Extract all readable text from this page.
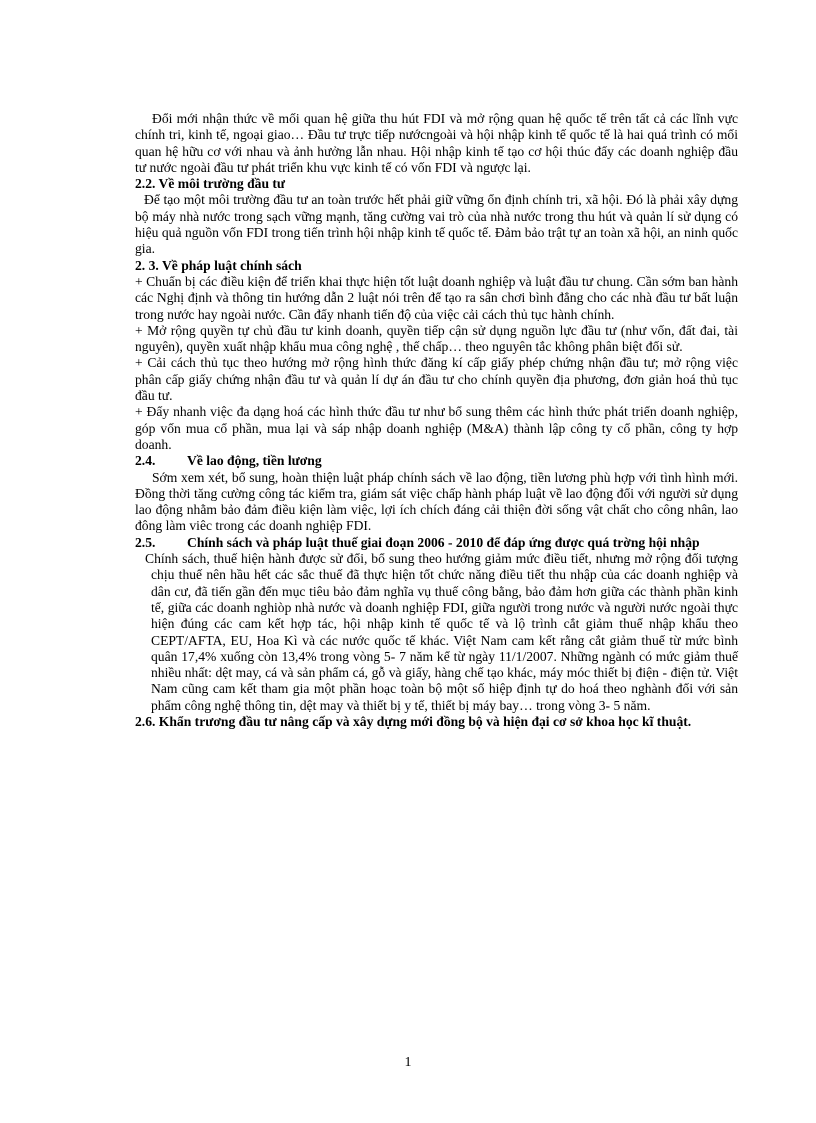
Đổi mới nhận thức về mối quan hệ giữa thu hút FDI và mở rộng quan hệ quốc tế trên tất cả các lĩnh vực chính tri, kinh tế, ngoại giao… Đầu tư trực tiếp nướcngoài và hội nhập kinh tế quốc tế là hai quá trình có mối quan hệ hữu cơ với nhau và ảnh hưởng lẫn nhau. Hội nhập kinh tế tạo cơ hội thúc đẩy các doanh nghiệp đầu tư nước ngoài đầu tư phát triển khu vực kinh tế có vốn FDI và ngược lại.

2.2. Về môi trường đầu tư

Để tạo một môi trường đầu tư an toàn trước hết phải giữ vững ổn định chính tri, xã hội. Đó là phải xây dựng bộ máy nhà nước trong sạch vững mạnh, tăng cường vai trò của nhà nước trong thu hút và quản lí sử dụng có hiệu quả nguồn vốn FDI trong tiến trình hội nhập kinh tế quốc tế. Đảm bảo trật tự an toàn xã hội, an ninh quốc gia.

2. 3. Về pháp luật chính sách

+ Chuẩn bị các điều kiện để triển khai thực hiện tốt luật doanh nghiệp và luật đầu tư chung. Cần sớm ban hành các Nghị định và thông tin hướng dẫn 2 luật nói trên để tạo ra sân chơi bình đẳng cho các nhà đầu tư bất luận trong nước hay ngoài nước. Cần đẩy nhanh tiến độ của việc cải cách thủ tục hành chính.

+ Mở rộng quyền tự chủ đầu tư kinh doanh, quyền tiếp cận sử dụng nguồn lực đầu tư (như vốn, đất đai, tài nguyên), quyền xuất nhập khẩu mua công nghệ , thế chấp… theo nguyên tắc không phân biệt đối sử.

+ Cải cách thủ tục theo hướng mở rộng hình thức đăng kí cấp giấy phép chứng nhận đầu tư; mở rộng việc phân cấp giấy chứng nhận đầu tư và quản lí dự án đầu tư cho chính quyền địa phương, đơn giản hoá thủ tục đầu tư.

+ Đẩy nhanh việc đa dạng hoá các hình thức đầu tư như bổ sung thêm các hình thức phát triển doanh nghiệp, góp vốn mua cổ phần, mua lại và sáp nhập doanh nghiệp (M&A) thành lập công ty cổ phần, công ty hợp doanh.

2.4.	Về lao động, tiền lương

Sớm xem xét, bổ sung, hoàn thiện luật pháp chính sách về lao động, tiền lương phù hợp với tình hình mới. Đồng thời tăng cường công tác kiểm tra, giám sát việc chấp hành pháp luật về lao động đối với người sử dụng lao động nhằm bảo đảm điều kiện làm việc, lợi ích chích đáng cải thiện đời sống vật chất cho công nhân, lao đông làm viêc trong các doanh nghiệp FDI.

2.5.	Chính sách và pháp luật thuế giai đoạn 2006 - 2010 để đáp ứng được quá trờng hội nhập

Chính sách, thuế hiện hành được sử đổi, bổ sung theo hướng giảm mức điều tiết, nhưng mở rộng đối tượng chịu thuế nên hầu hết các sắc thuế đã thực hiện tốt chức năng điều tiết thu nhập của các doanh nghiệp và dân cư, đã tiến gần đến mục tiêu bảo đảm nghĩa vụ thuế công bằng, bảo đảm hơn giữa các thành phần kinh tế, giữa các doanh nghiòp nhà nước và doanh nghiệp FDI, giữa người trong nước và người nước ngoài thực hiện đúng các cam kết hợp tác, hội nhập kinh tế quốc tế và lộ trình cắt giảm thuế nhập khẩu theo CEPT/AFTA, EU, Hoa Kì và các nước quốc tế khác. Việt Nam cam kết rằng cắt giảm thuế từ mức bình quân 17,4% xuống còn 13,4% trong vòng 5- 7 năm kể từ ngày 11/1/2007. Những ngành có mức giảm thuế nhiều nhất: dệt may, cá và sản phẩm cá, gỗ và giấy, hàng chế tạo khác, máy móc thiết bị điện - điện tử. Việt Nam cũng cam kết tham gia một phần hoạc toàn bộ một số hiệp định tự do hoá theo nghành đối với sản phẩm công nghệ thông tin, dệt may và thiết bị y tế, thiết bị máy bay… trong vòng 3- 5 năm.

2.6. Khẩn trương đầu tư nâng cấp và xây dựng mới đồng bộ và hiện đại cơ sở khoa học kĩ thuật.

1
